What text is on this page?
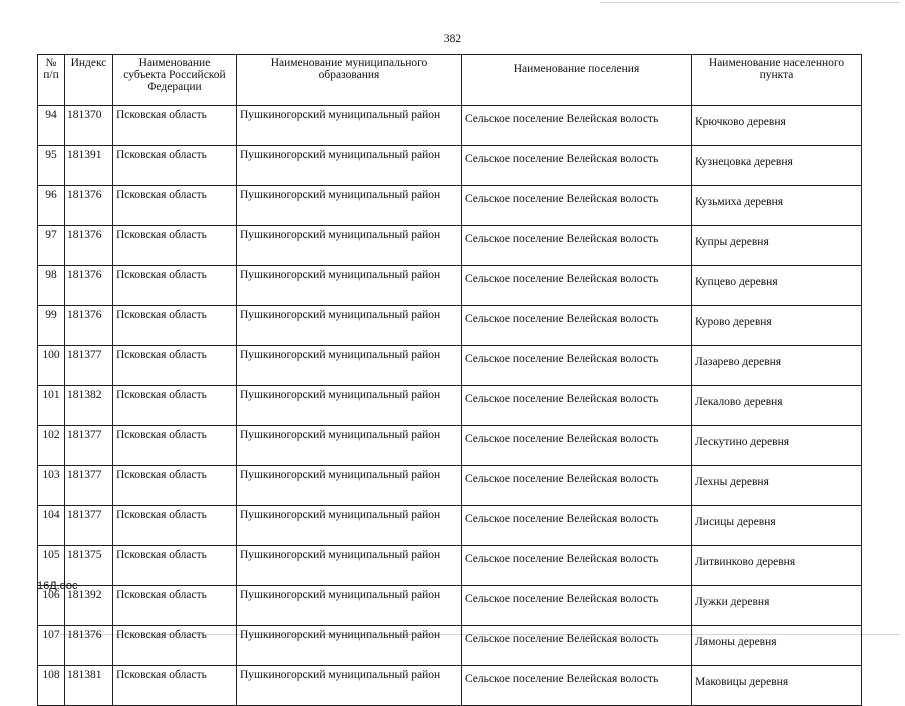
382
№ п/п	Индекс	Наименование субъекта Российской Федерации	Наименование муниципального образования	Наименование поселения	Наименование населенного пункта
94	181370	Псковская область	Пушкиногорский муниципальный район	Сельское поселение Велейская волость	Крючково деревня
95	181391	Псковская область	Пушкиногорский муниципальный район	Сельское поселение Велейская волость	Кузнецовка деревня
96	181376	Псковская область	Пушкиногорский муниципальный район	Сельское поселение Велейская волость	Кузьмиха деревня
97	181376	Псковская область	Пушкиногорский муниципальный район	Сельское поселение Велейская волость	Купры деревня
98	181376	Псковская область	Пушкиногорский муниципальный район	Сельское поселение Велейская волость	Купцево деревня
99	181376	Псковская область	Пушкиногорский муниципальный район	Сельское поселение Велейская волость	Курово деревня
100	181377	Псковская область	Пушкиногорский муниципальный район	Сельское поселение Велейская волость	Лазарево деревня
101	181382	Псковская область	Пушкиногорский муниципальный район	Сельское поселение Велейская волость	Лекалово деревня
102	181377	Псковская область	Пушкиногорский муниципальный район	Сельское поселение Велейская волость	Лескутино деревня
103	181377	Псковская область	Пушкиногорский муниципальный район	Сельское поселение Велейская волость	Лехны деревня
104	181377	Псковская область	Пушкиногорский муниципальный район	Сельское поселение Велейская волость	Лисицы деревня
105	181375	Псковская область	Пушкиногорский муниципальный район	Сельское поселение Велейская волость	Литвинково деревня
106	181392	Псковская область	Пушкиногорский муниципальный район	Сельское поселение Велейская волость	Лужки деревня
107	181376	Псковская область	Пушкиногорский муниципальный район	Сельское поселение Велейская волость	Лямоны деревня
108	181381	Псковская область	Пушкиногорский муниципальный район	Сельское поселение Велейская волость	Маковицы деревня
16Д.doc
